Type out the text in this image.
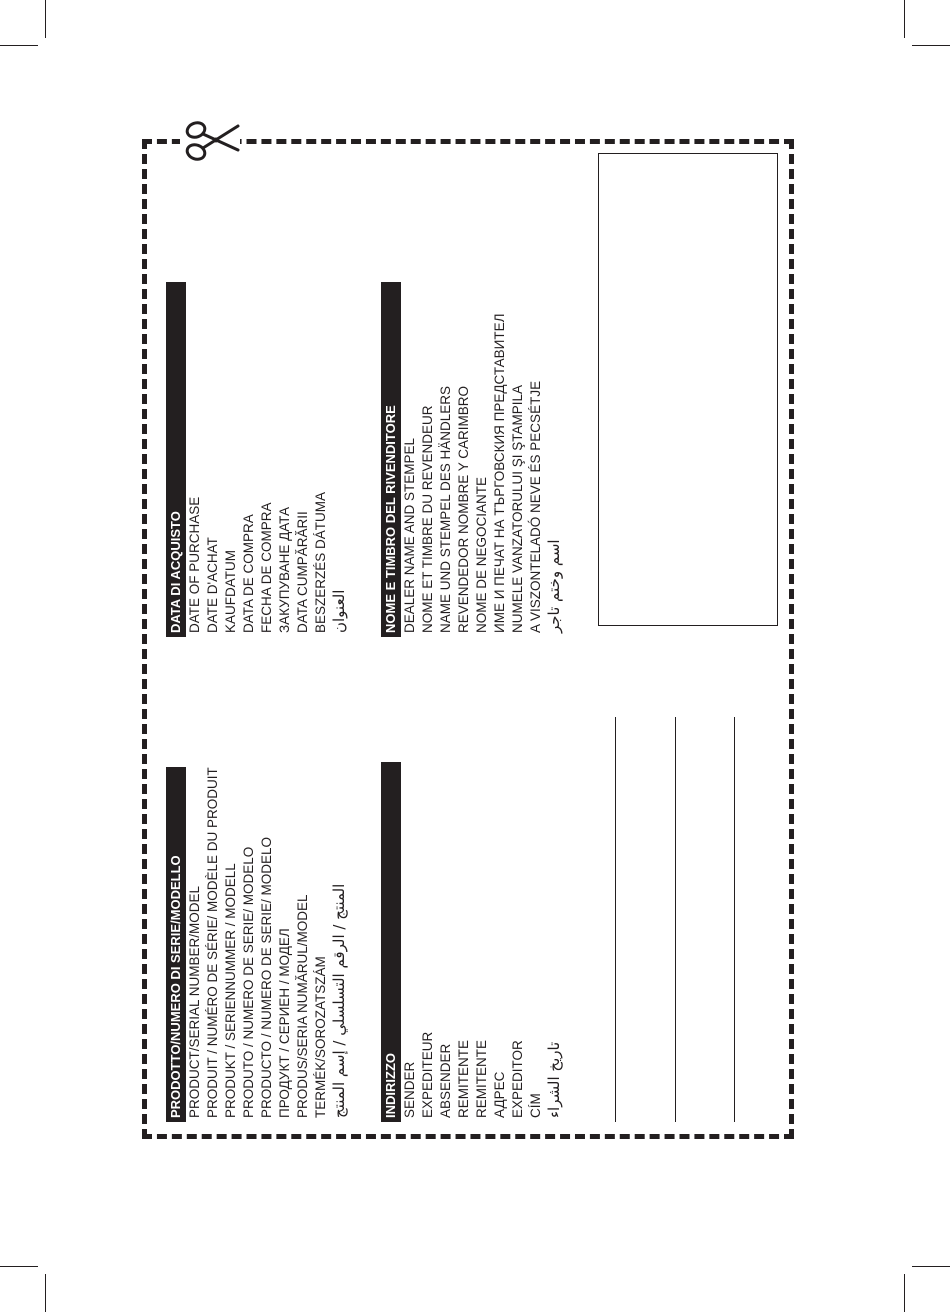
PRODOTTO/NUMERO DI SERIE/MODELLO PRODUCT/SERIAL NUMBER/MODEL PRODUIT / NUMÉRO DE SÉRIE/ MODÈLE DU PRODUIT PRODUKT / SERIENNUMMER / MODELL PRODUTO / NUMERO DE SERIE/ MODELO PRODUCTO / NUMERO DE SERIE/ MODELO ПРОДУКТ / СЕРИЕН / МОДЕЛ PRODUS/SERIA NUMĂRUL/MODEL TERMÉK/SOROZATSZÁM المنتج / الرقم التسلسلي / إسم المنتج
DATA DI ACQUISTO DATE OF PURCHASE DATE D'ACHAT KAUFDATUM DATA DE COMPRA FECHA DE COMPRA ЗАКУПУВАНЕ ДАТА DATA CUMPĂRĂRII BESZERZÉS DÁTUMA العنوان
INDIRIZZO SENDER EXPEDITEUR ABSENDER REMITENTE REMITENTE АДРЕС EXPEDITOR CÍM تاريخ الشراء
NOME E TIMBRO DEL RIVENDITORE DEALER NAME AND STEMPEL NOME ET TIMBRE DU REVENDEUR NAME UND STEMPEL DES HÄNDLERS REVENDEDOR NOMBRE Y CARIMBRO NOME DE NEGOCIANTE ИМЕ И ПЕЧАТ НА ТЪРГОВСКИЯ ПРЕДСТАВИТЕЛ NUMELE VANZATORULUI ŞI ŞTAMPILA A VISZONTELADÓ NEVE ÉS PECSÉTJE اسم وختم تاجر
